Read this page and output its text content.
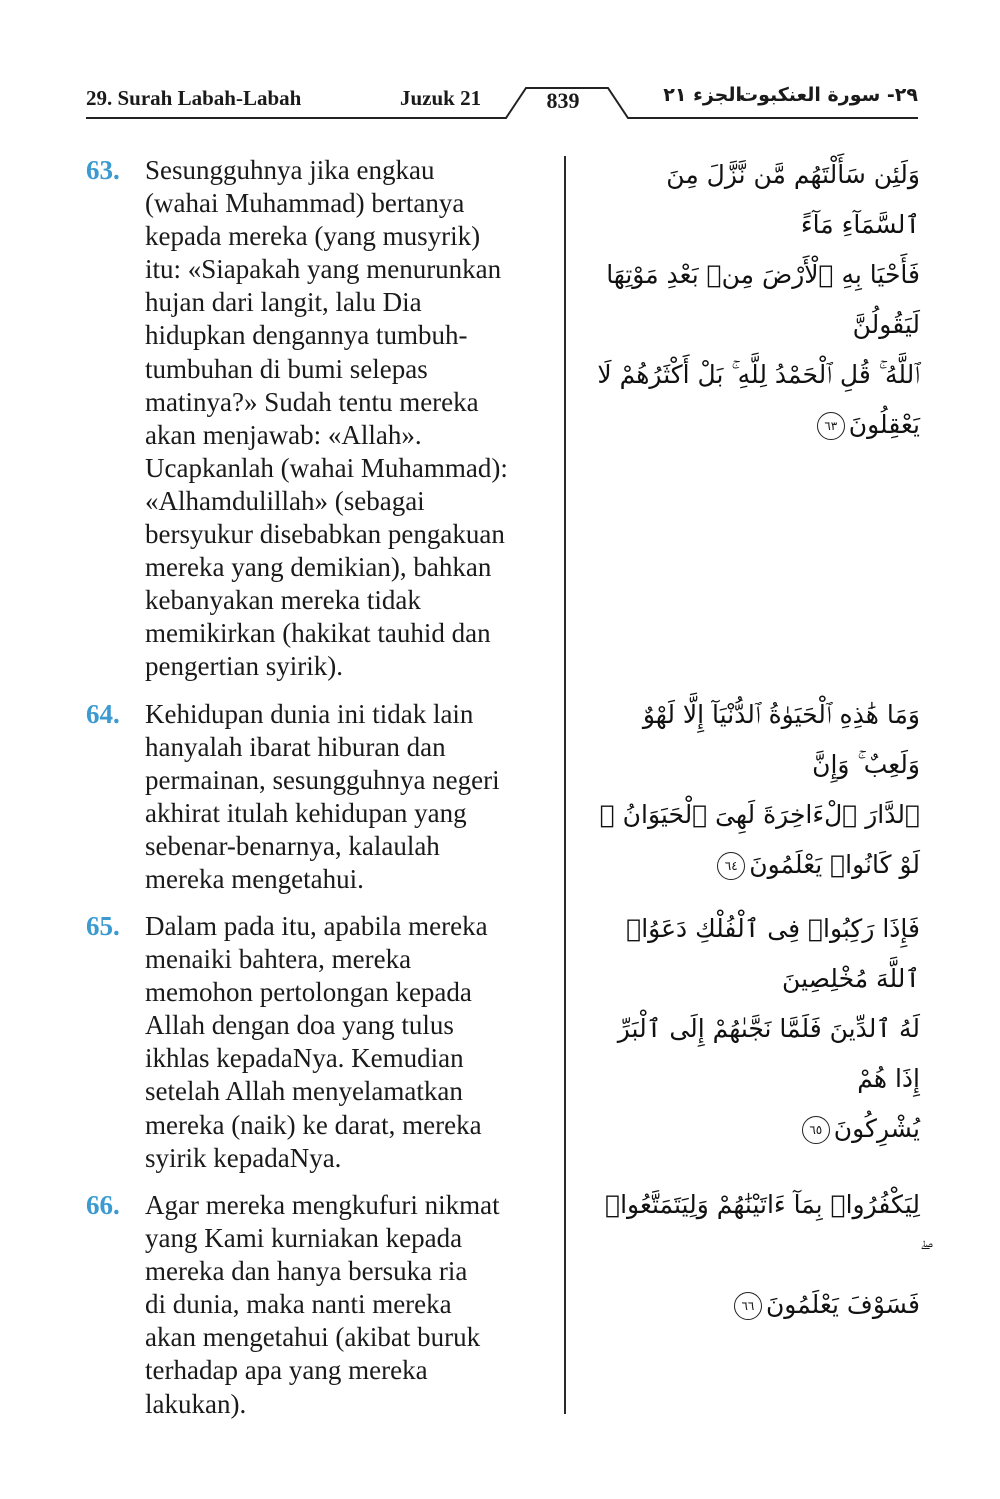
29. Surah Labah-Labah	Juzuk 21	839	الجزء ٢١
٢٩- سورة العنكبوت
63. Sesungguhnya jika engkau
(wahai Muhammad) bertanya
kepada mereka (yang musyrik)
itu: «Siapakah yang menurunkan
hujan dari langit, lalu Dia
hidupkan dengannya tumbuh-
tumbuhan di bumi selepas
matinya?» Sudah tentu mereka
akan menjawab: «Allah».
Ucapkanlah (wahai Muhammad):
«Alhamdulillah» (sebagai
bersyukur disebabkan pengakuan
mereka yang demikian), bahkan
kebanyakan mereka tidak
memikirkan (hakikat tauhid dan
pengertian syirik).
وَلَئِن سَأَلْتَهُم مَّن نَّزَّلَ مِنَ ٱلسَّمَآءِ مَآءً
فَأَحْيَا بِهِ ٱلْأَرْضَ مِنۢ بَعْدِ مَوْتِهَا لَيَقُولُنَّ
ٱللَّهُ ۚ قُلِ ٱلْحَمْدُ لِلَّهِ ۚ بَلْ أَكْثَرُهُمْ لَا
يَعْقِلُونَ٦٣
64. Kehidupan dunia ini tidak lain
hanyalah ibarat hiburan dan
permainan, sesungguhnya negeri
akhirat itulah kehidupan yang
sebenar-benarnya, kalaulah
mereka mengetahui.
وَمَا هَٰذِهِ ٱلْحَيَوٰةُ ٱلدُّنْيَآ إِلَّا لَهْوٌ وَلَعِبٌ ۚ وَإِنَّ
ٱلدَّارَ ٱلْءَاخِرَةَ لَهِىَ ٱلْحَيَوَانُ ۚ لَوْ كَانُوا۟ يَعْلَمُونَ٦٤
65. Dalam pada itu, apabila mereka
menaiki bahtera, mereka
memohon pertolongan kepada
Allah dengan doa yang tulus
ikhlas kepadaNya. Kemudian
setelah Allah menyelamatkan
mereka (naik) ke darat, mereka
syirik kepadaNya.
فَإِذَا رَكِبُوا۟ فِى ٱلْفُلْكِ دَعَوُا۟ ٱللَّهَ مُخْلِصِينَ
لَهُ ٱلدِّينَ فَلَمَّا نَجَّىٰهُمْ إِلَى ٱلْبَرِّ إِذَا هُمْ
يُشْرِكُونَ٦٥
66. Agar mereka mengkufuri nikmat
yang Kami kurniakan kepada
mereka dan hanya bersuka ria
di dunia, maka nanti mereka
akan mengetahui (akibat buruk
terhadap apa yang mereka
lakukan).
لِيَكْفُرُوا۟ بِمَآ ءَاتَيْنَٰهُمْ وَلِيَتَمَتَّعُوا۟
فَسَوْفَ يَعْلَمُونَ٦٦
